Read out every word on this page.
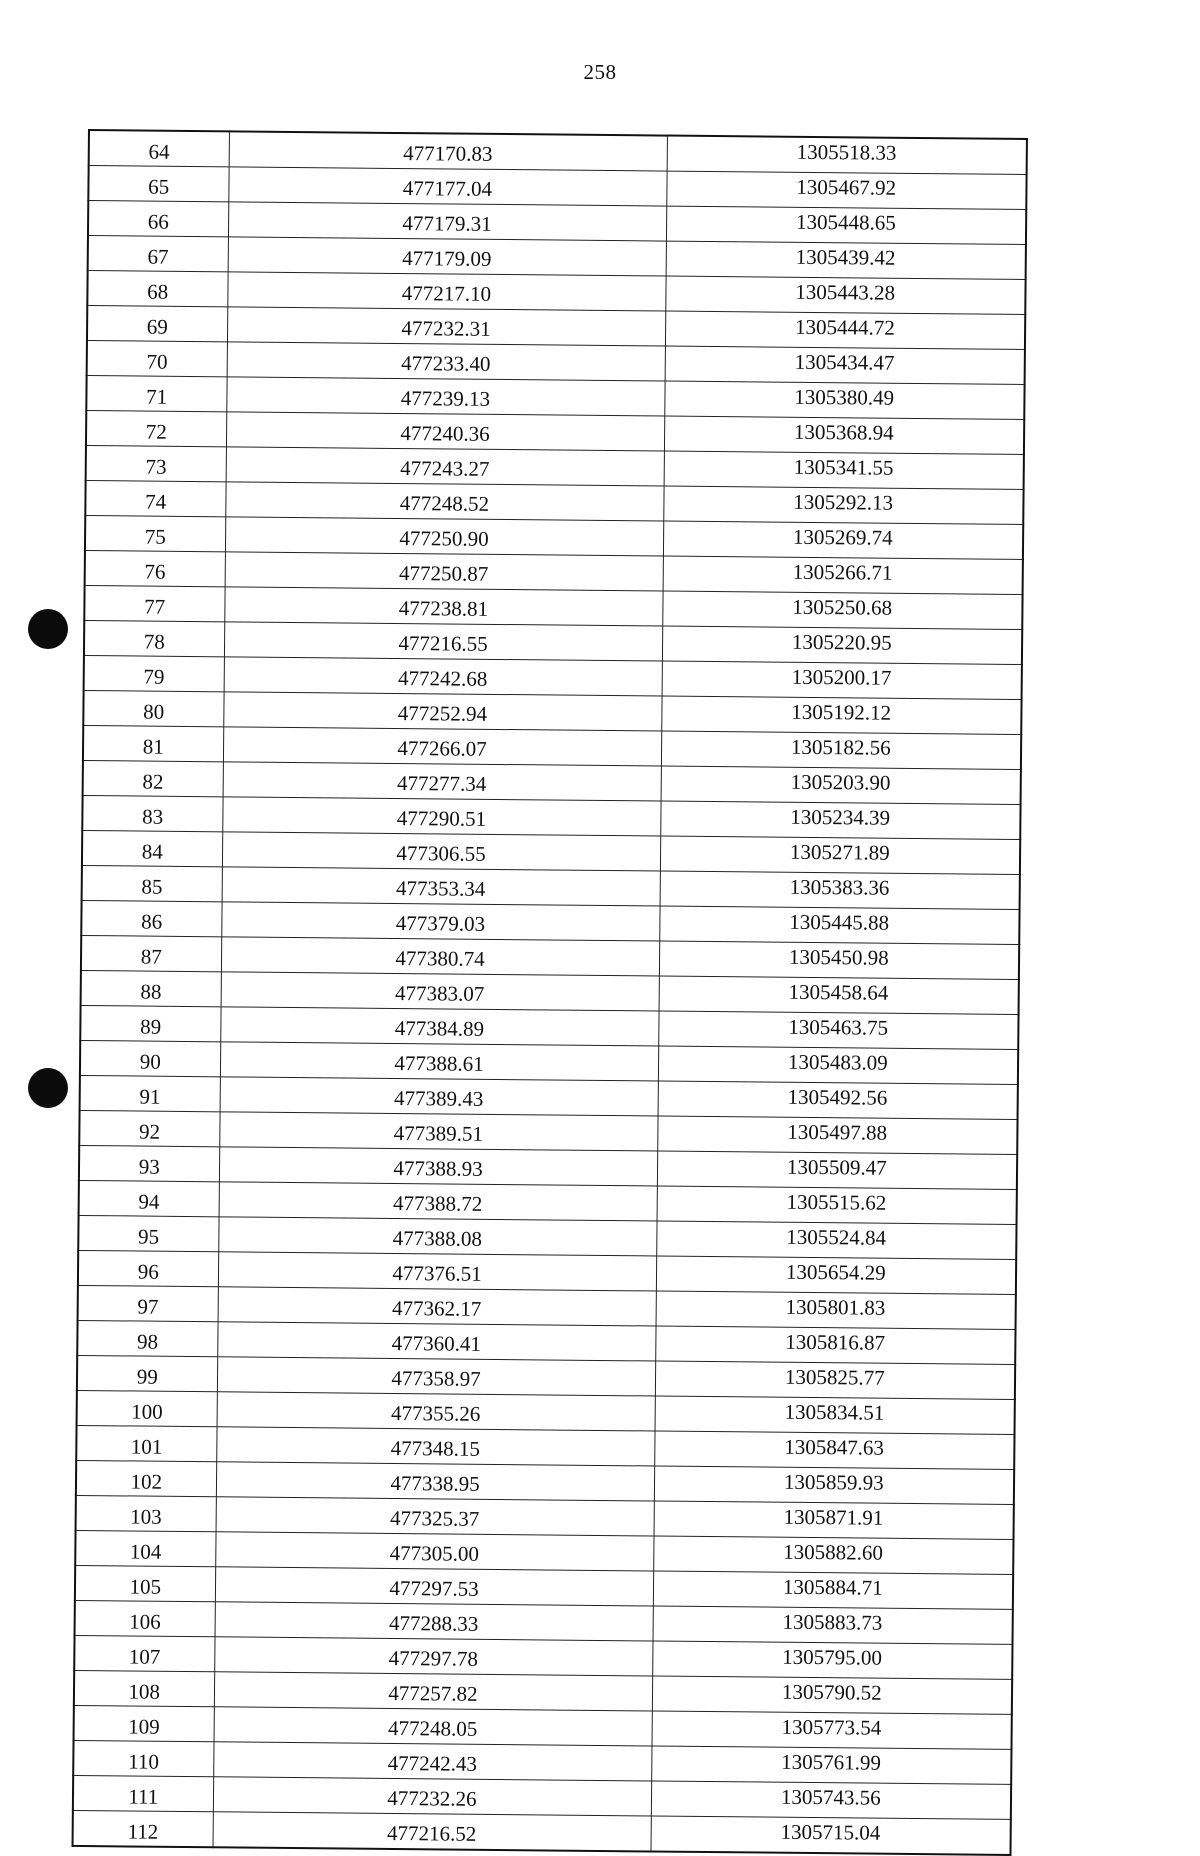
258
64	477170.83	1305518.33
65	477177.04	1305467.92
66	477179.31	1305448.65
67	477179.09	1305439.42
68	477217.10	1305443.28
69	477232.31	1305444.72
70	477233.40	1305434.47
71	477239.13	1305380.49
72	477240.36	1305368.94
73	477243.27	1305341.55
74	477248.52	1305292.13
75	477250.90	1305269.74
76	477250.87	1305266.71
77	477238.81	1305250.68
78	477216.55	1305220.95
79	477242.68	1305200.17
80	477252.94	1305192.12
81	477266.07	1305182.56
82	477277.34	1305203.90
83	477290.51	1305234.39
84	477306.55	1305271.89
85	477353.34	1305383.36
86	477379.03	1305445.88
87	477380.74	1305450.98
88	477383.07	1305458.64
89	477384.89	1305463.75
90	477388.61	1305483.09
91	477389.43	1305492.56
92	477389.51	1305497.88
93	477388.93	1305509.47
94	477388.72	1305515.62
95	477388.08	1305524.84
96	477376.51	1305654.29
97	477362.17	1305801.83
98	477360.41	1305816.87
99	477358.97	1305825.77
100	477355.26	1305834.51
101	477348.15	1305847.63
102	477338.95	1305859.93
103	477325.37	1305871.91
104	477305.00	1305882.60
105	477297.53	1305884.71
106	477288.33	1305883.73
107	477297.78	1305795.00
108	477257.82	1305790.52
109	477248.05	1305773.54
110	477242.43	1305761.99
111	477232.26	1305743.56
112	477216.52	1305715.04
